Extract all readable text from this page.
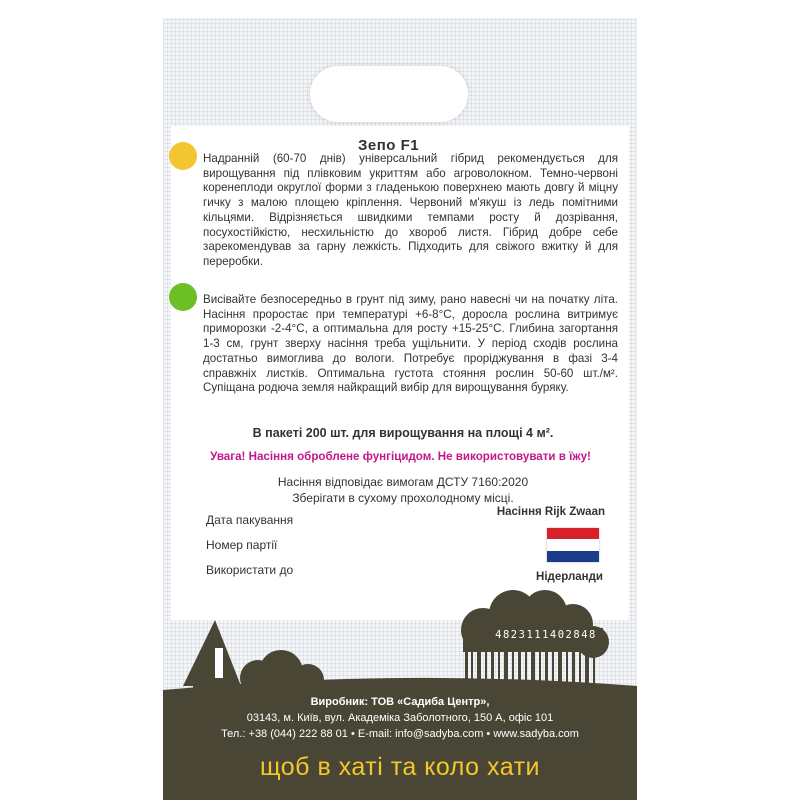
Зепо F1
Надранній (60-70 днів) універсальний гібрид рекомендується для вирощування під плівковим укриттям або агроволокном. Темно-червоні коренеплоди округлої форми з гладенькою поверхнею мають довгу й міцну гичку з малою площею кріплення. Червоний м'якуш із ледь помітними кільцями. Відрізняється швидкими темпами росту й дозрівання, посухостійкістю, несхильністю до хвороб листя. Гібрид добре себе зарекомендував за гарну лежкість. Підходить для свіжого вжитку й для переробки.
Висівайте безпосередньо в грунт під зиму, рано навесні чи на початку літа. Насіння проростає при температурі +6-8°C, доросла рослина витримує приморозки -2-4°C, а оптимальна для росту +15-25°C. Глибина загортання 1-3 см, грунт зверху насіння треба ущільнити. У період сходів рослина достатньо вимоглива до вологи. Потребує проріджування в фазі 3-4 справжніх листків. Оптимальна густота стояння рослин 50-60 шт./м². Супіщана родюча земля найкращий вибір для вирощування буряку.
В пакеті 200 шт. для вирощування на площі 4 м².
Увага! Насіння оброблене фунгіцидом. Не використовувати в їжу!
Насіння відповідає вимогам ДСТУ 7160:2020
Зберігати в сухому прохолодному місці.
Дата пакування
Номер партії
Використати до
Насіння Rijk Zwaan
Нідерланди
4823111402848
Виробник: ТОВ «Садиба Центр»,
03143, м. Київ, вул. Академіка Заболотного, 150 А, офіс 101
Тел.: +38 (044) 222 88 01 • E-mail: info@sadyba.com • www.sadyba.com
щоб в хаті та коло хати
